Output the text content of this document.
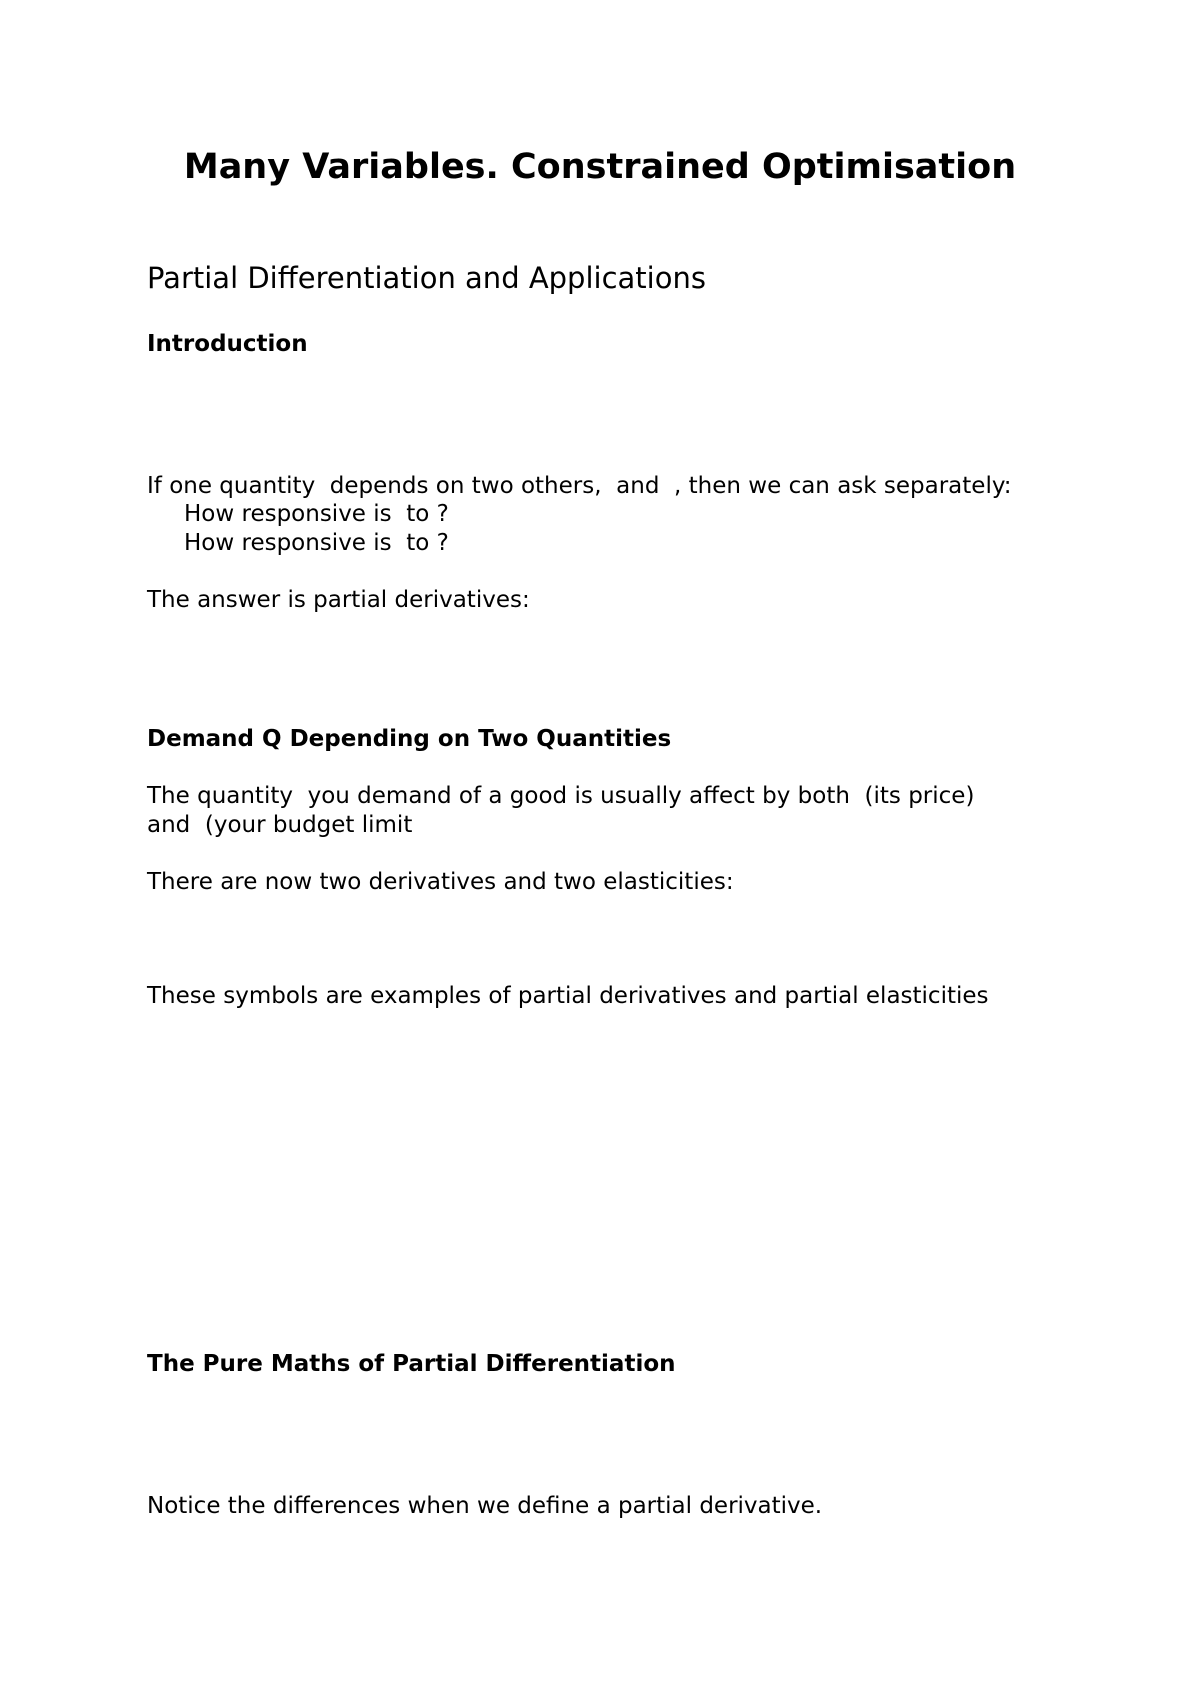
Many Variables. Constrained Optimisation
Partial Differentiation and Applications
Introduction
If one quantity  depends on two others,  and  , then we can ask separately:
How responsive is  to ?
How responsive is  to ?
The answer is partial derivatives:
Demand Q Depending on Two Quantities
The quantity  you demand of a good is usually affect by both  (its price)
and  (your budget limit
There are now two derivatives and two elasticities:
These symbols are examples of partial derivatives and partial elasticities
The Pure Maths of Partial Differentiation
Notice the differences when we define a partial derivative.
